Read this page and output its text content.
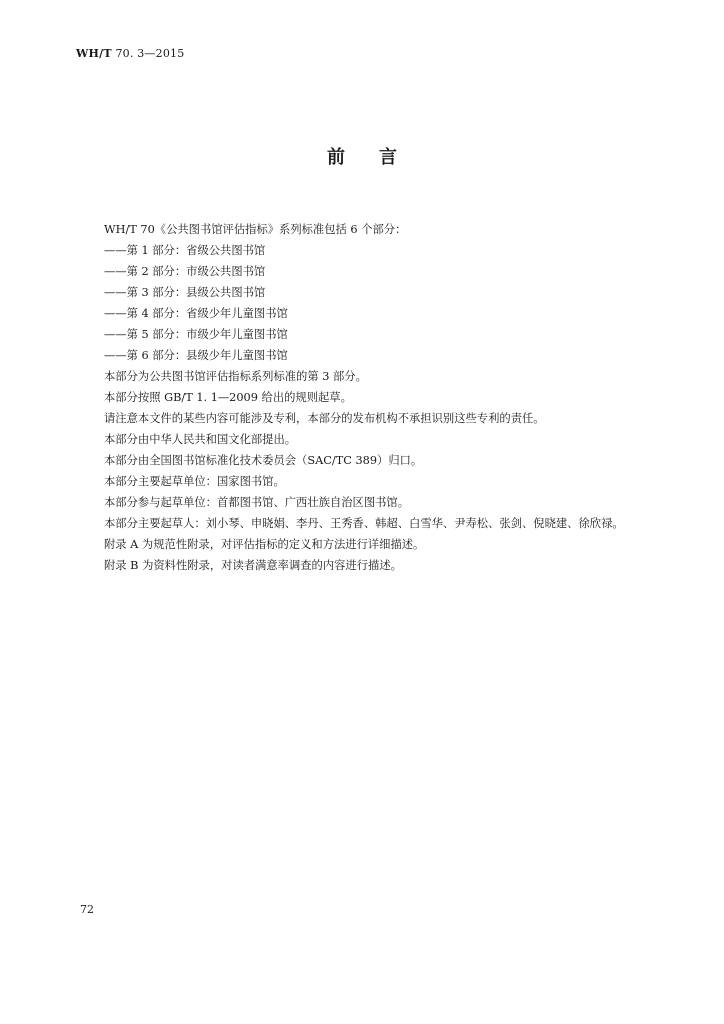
WH/T 70. 3—2015
前言
WH/T 70《公共图书馆评估指标》系列标准包括 6 个部分：
——第 1 部分：省级公共图书馆
——第 2 部分：市级公共图书馆
——第 3 部分：县级公共图书馆
——第 4 部分：省级少年儿童图书馆
——第 5 部分：市级少年儿童图书馆
——第 6 部分：县级少年儿童图书馆
本部分为公共图书馆评估指标系列标准的第 3 部分。
本部分按照 GB/T 1. 1—2009 给出的规则起草。
请注意本文件的某些内容可能涉及专利，本部分的发布机构不承担识别这些专利的责任。
本部分由中华人民共和国文化部提出。
本部分由全国图书馆标准化技术委员会（SAC/TC 389）归口。
本部分主要起草单位：国家图书馆。
本部分参与起草单位：首都图书馆、广西壮族自治区图书馆。
本部分主要起草人：刘小琴、申晓娟、李丹、王秀香、韩超、白雪华、尹寿松、张剑、倪晓建、徐欣禄。
附录 A 为规范性附录，对评估指标的定义和方法进行详细描述。
附录 B 为资料性附录，对读者满意率调查的内容进行描述。
72
